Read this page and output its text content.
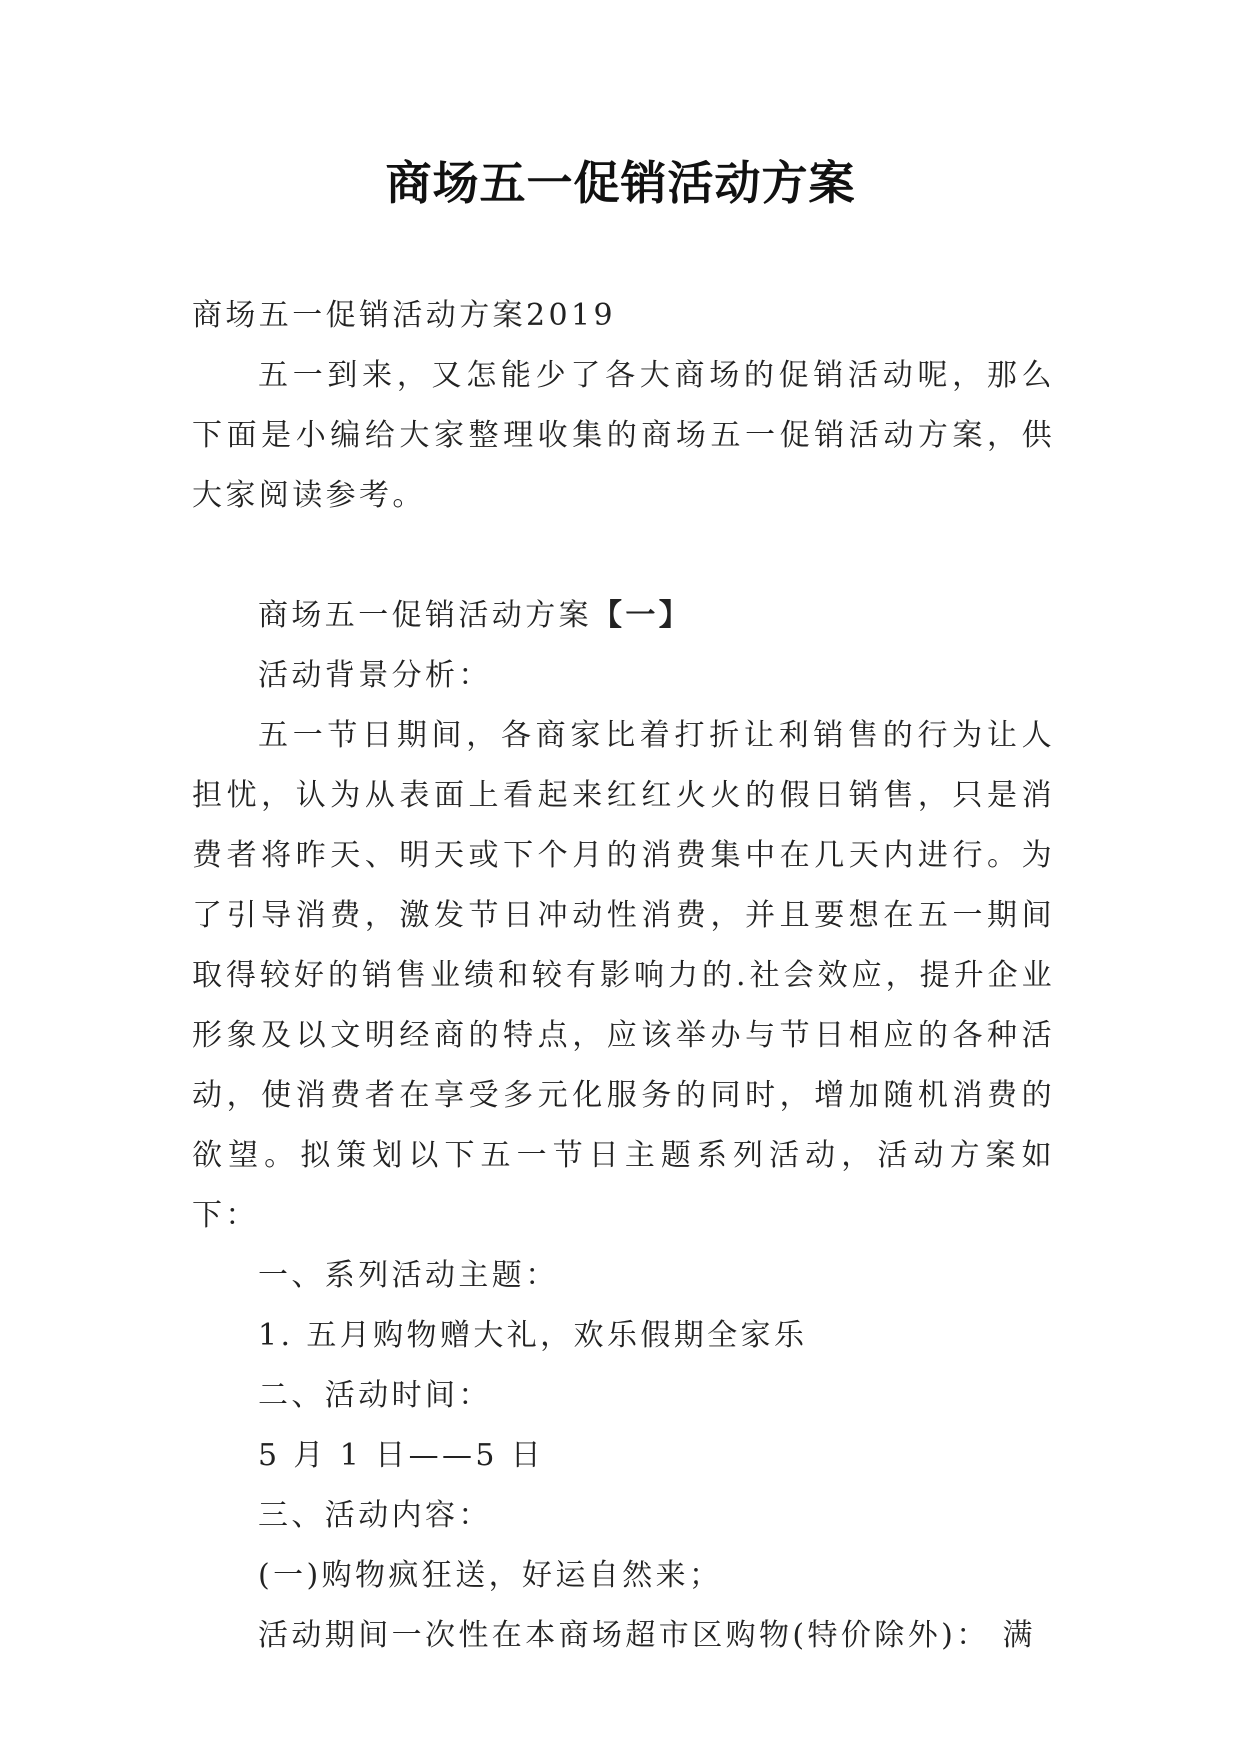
商场五一促销活动方案

商场五一促销活动方案2019

五一到来，又怎能少了各大商场的促销活动呢，那么下面是小编给大家整理收集的商场五一促销活动方案，供大家阅读参考。

商场五一促销活动方案【一】

活动背景分析：

五一节日期间，各商家比着打折让利销售的行为让人担忧，认为从表面上看起来红红火火的假日销售，只是消费者将昨天、明天或下个月的消费集中在几天内进行。为了引导消费，激发节日冲动性消费，并且要想在五一期间取得较好的销售业绩和较有影响力的.社会效应，提升企业形象及以文明经商的特点，应该举办与节日相应的各种活动，使消费者在享受多元化服务的同时，增加随机消费的欲望。拟策划以下五一节日主题系列活动，活动方案如下：

一、系列活动主题：

1. 五月购物赠大礼，欢乐假期全家乐

二、活动时间：

5 月 1 日——5 日

三、活动内容：

(一)购物疯狂送，好运自然来；

活动期间一次性在本商场超市区购物(特价除外)： 满
